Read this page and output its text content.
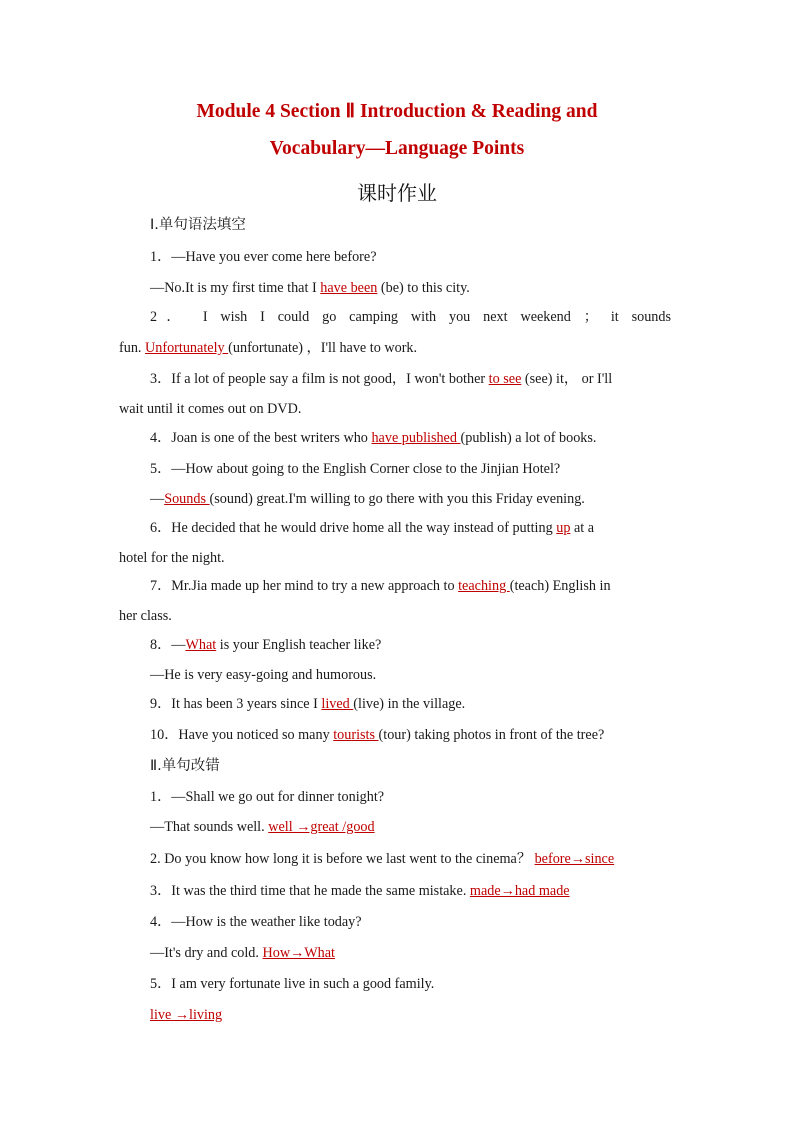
Module 4 Section Ⅱ Introduction & Reading and
Vocabulary—Language Points
课时作业
Ⅰ.单句语法填空
1．—Have you ever come here before?
—No.It is my first time that I have been (be) to this city.
2． I wish I could go camping with you next weekend ； it sounds
fun. Unfortunately (unfortunate) ，I'll have to work.
3．If a lot of people say a film is not good，I won't bother to see (see) it， or I'll
wait until it comes out on DVD.
4．Joan is one of the best writers who have published (publish) a lot of books.
5．—How about going to the English Corner close to the Jinjian Hotel?
—Sounds (sound) great.I'm willing to go there with you this Friday evening.
6．He decided that he would drive home all the way instead of putting up at a
hotel for the night.
7．Mr.Jia made up her mind to try a new approach to teaching (teach) English in
her class.
8．—What is your English teacher like?
—He is very easy-going and humorous.
9．It has been 3 years since I lived (live) in the village.
10．Have you noticed so many tourists (tour) taking photos in front of the tree?
Ⅱ.单句改错
1．—Shall we go out for dinner tonight?
—That sounds well. well →great /good
2. Do you know how long it is before we last went to the cinema？ before→since
3．It was the third time that he made the same mistake. made→had made
4．—How is the weather like today?
—It's dry and cold. How→What
5．I am very fortunate live in such a good family.
live →living
